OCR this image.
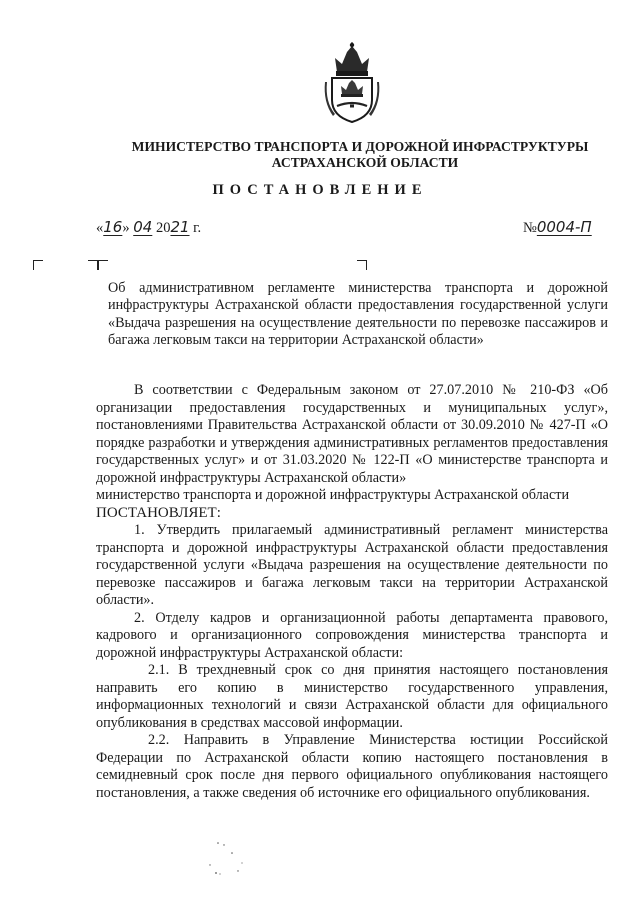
МИНИСТЕРСТВО ТРАНСПОРТА И ДОРОЖНОЙ ИНФРАСТРУКТУРЫ
АСТРАХАНСКОЙ ОБЛАСТИ
ПОСТАНОВЛЕНИЕ
«16» 04 2021 г.	№0004-П
Об административном регламенте министерства транспорта и дорожной инфраструктуры Астраханской области предоставления государственной услуги «Выдача разрешения на осуществление деятельности по перевозке пассажиров и багажа легковым такси на территории Астраханской области»

В соответствии с Федеральным законом от 27.07.2010 № 210-ФЗ «Об организации предоставления государственных и муниципальных услуг», постановлениями Правительства Астраханской области от 30.09.2010 № 427-П «О порядке разработки и утверждения административных регламентов предоставления государственных услуг» и от 31.03.2020 № 122-П «О министерстве транспорта и дорожной инфраструктуры Астраханской области»

министерство транспорта и дорожной инфраструктуры Астраханской области

ПОСТАНОВЛЯЕТ:

1. Утвердить прилагаемый административный регламент министерства транспорта и дорожной инфраструктуры Астраханской области предоставления государственной услуги «Выдача разрешения на осуществление деятельности по перевозке пассажиров и багажа легковым такси на территории Астраханской области».

2. Отделу кадров и организационной работы департамента правового, кадрового и организационного сопровождения министерства транспорта и дорожной инфраструктуры Астраханской области:

2.1. В трехдневный срок со дня принятия настоящего постановления направить его копию в министерство государственного управления, информационных технологий и связи Астраханской области для официального опубликования в средствах массовой информации.

2.2. Направить в Управление Министерства юстиции Российской Федерации по Астраханской области копию настоящего постановления в семидневный срок после дня первого официального опубликования настоящего постановления, а также сведения об источнике его официального опубликования.
